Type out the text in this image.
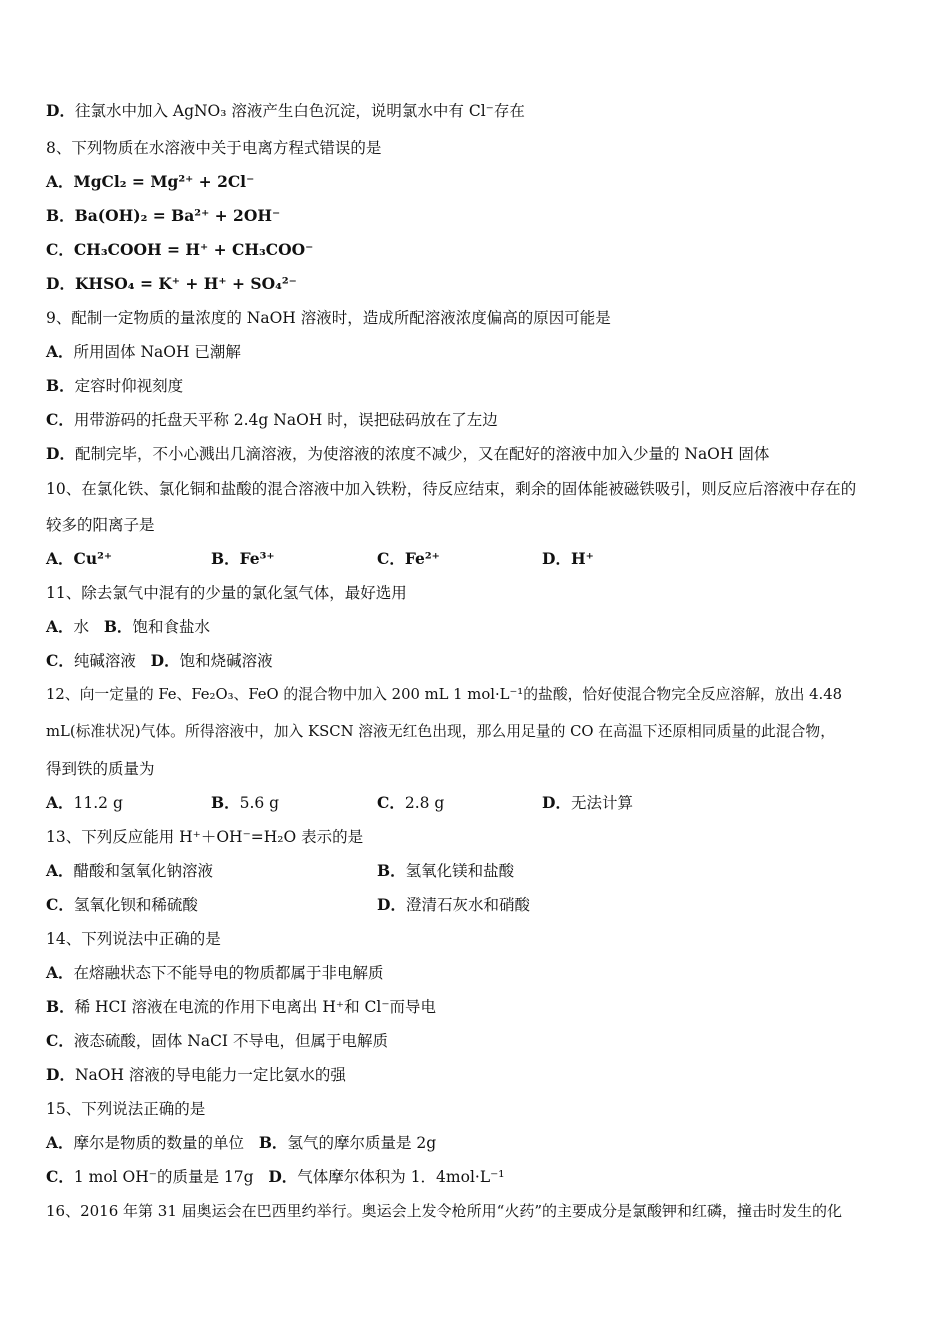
D．往氯水中加入 AgNO₃ 溶液产生白色沉淀，说明氯水中有 Cl⁻存在
8、下列物质在水溶液中关于电离方程式错误的是
A．MgCl₂ = Mg²⁺ + 2Cl⁻
B．Ba(OH)₂ = Ba²⁺ + 2OH⁻
C．CH₃COOH = H⁺ + CH₃COO⁻
D．KHSO₄ = K⁺ + H⁺ + SO₄²⁻
9、配制一定物质的量浓度的 NaOH 溶液时，造成所配溶液浓度偏高的原因可能是
A．所用固体 NaOH 已潮解
B．定容时仰视刻度
C．用带游码的托盘天平称 2.4g NaOH 时，误把砝码放在了左边
D．配制完毕，不小心溅出几滴溶液，为使溶液的浓度不减少，又在配好的溶液中加入少量的 NaOH 固体
10、在氯化铁、氯化铜和盐酸的混合溶液中加入铁粉，待反应结束，剩余的固体能被磁铁吸引，则反应后溶液中存在的
较多的阳离子是
A．Cu²⁺	B．Fe³⁺	C．Fe²⁺	D．H⁺
11、除去氯气中混有的少量的氯化氢气体，最好选用
A．水 B．饱和食盐水
C．纯碱溶液 D．饱和烧碱溶液
12、向一定量的 Fe、Fe₂O₃、FeO 的混合物中加入 200 mL 1 mol·L⁻¹的盐酸，恰好使混合物完全反应溶解，放出 4.48
mL(标准状况)气体。所得溶液中，加入 KSCN 溶液无红色出现，那么用足量的 CO 在高温下还原相同质量的此混合物，
得到铁的质量为
A．11.2 g	B．5.6 g	C．2.8 g	D．无法计算
13、下列反应能用 H⁺＋OH⁻=H₂O 表示的是
A．醋酸和氢氧化钠溶液	B．氢氧化镁和盐酸
C．氢氧化钡和稀硫酸	D．澄清石灰水和硝酸
14、下列说法中正确的是
A．在熔融状态下不能导电的物质都属于非电解质
B．稀 HCI 溶液在电流的作用下电离出 H⁺和 Cl⁻而导电
C．液态硫酸，固体 NaCI 不导电，但属于电解质
D．NaOH 溶液的导电能力一定比氨水的强
15、下列说法正确的是
A．摩尔是物质的数量的单位 B．氢气的摩尔质量是 2g
C．1 mol OH⁻的质量是 17g D．气体摩尔体积为 1．4mol·L⁻¹
16、2016 年第 31 届奥运会在巴西里约举行。奥运会上发令枪所用“火药”的主要成分是氯酸钾和红磷，撞击时发生的化
